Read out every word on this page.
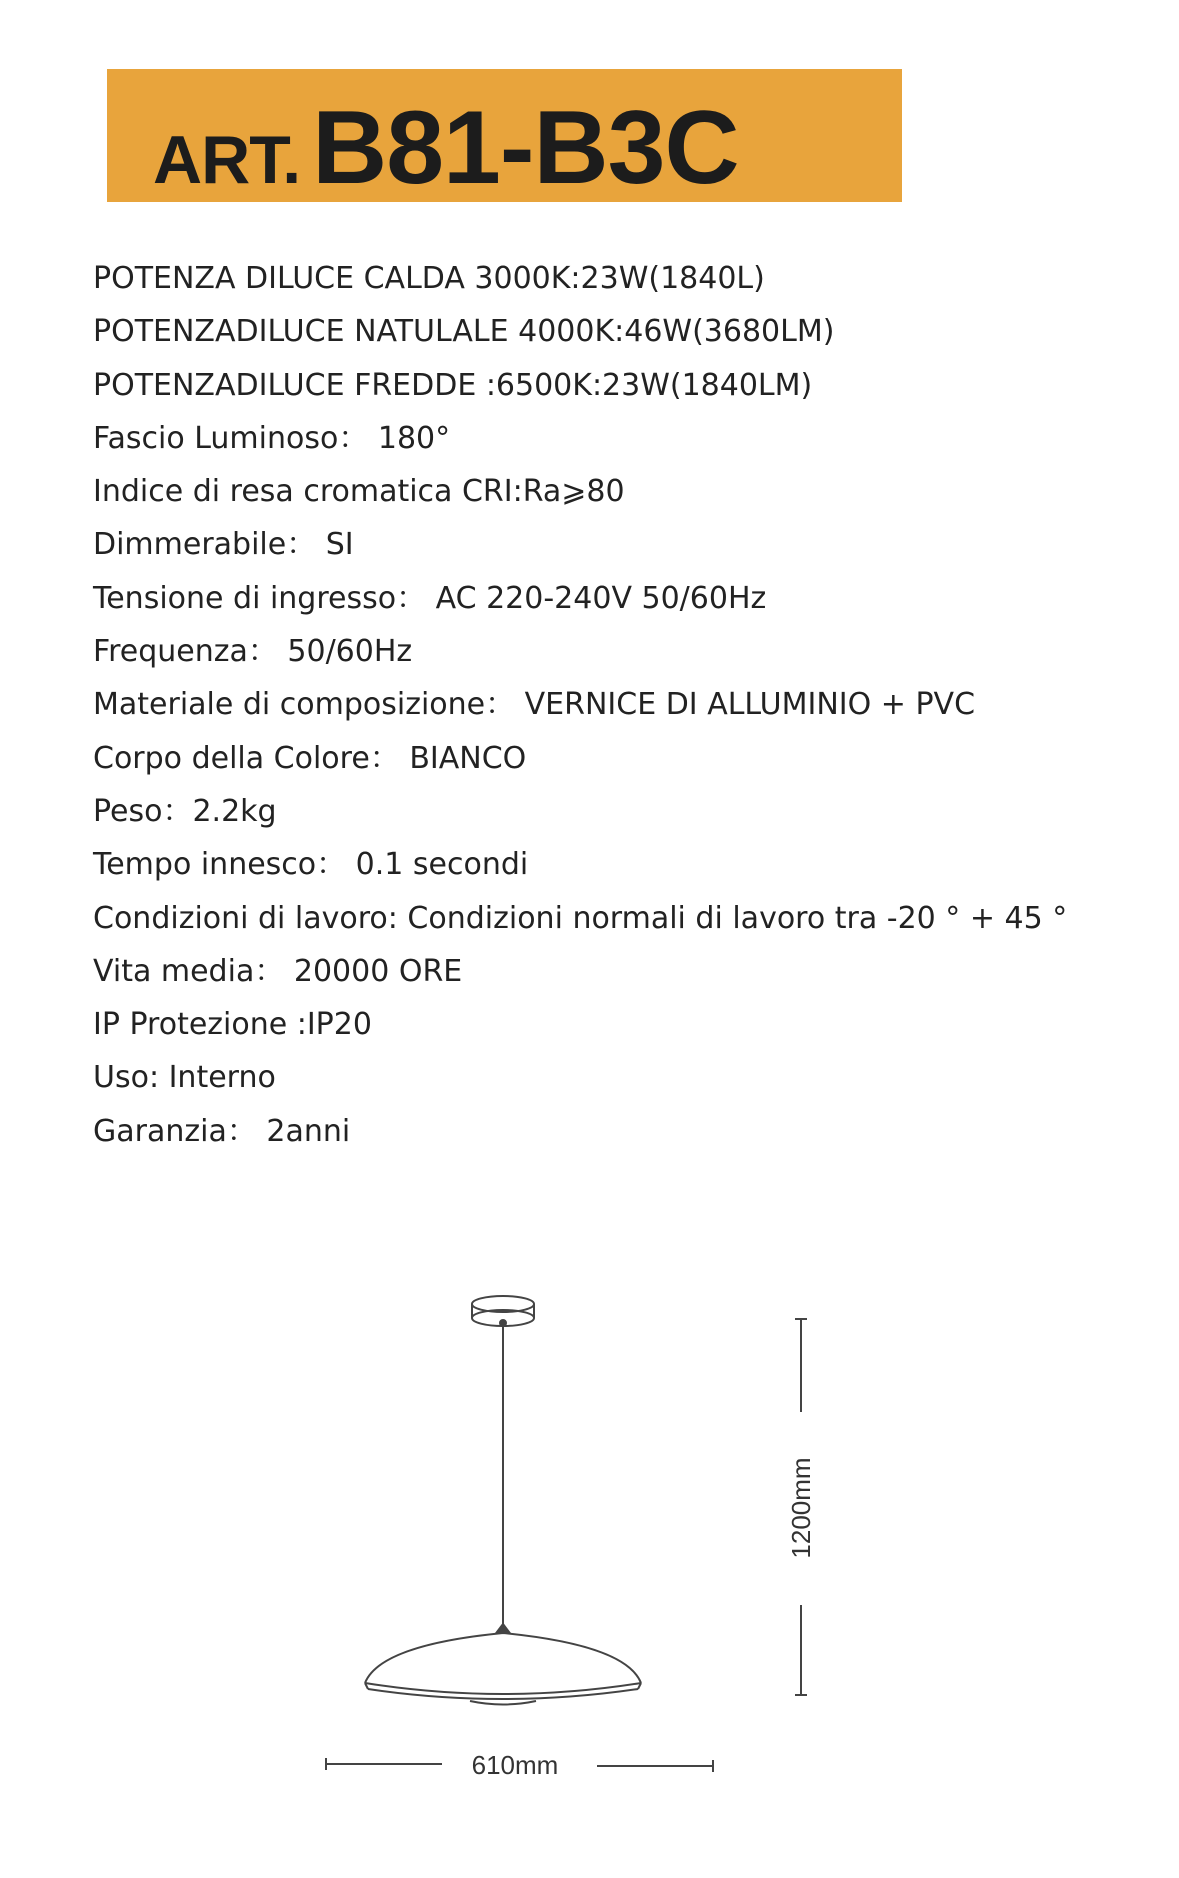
ART. B81-B3C
POTENZA DILUCE CALDA 3000K:23W(1840L)
POTENZADILUCE NATULALE 4000K:46W(3680LM)
POTENZADILUCE FREDDE :6500K:23W(1840LM)
Fascio Luminoso： 180°
Indice di resa cromatica CRI:Ra⩾80
Dimmerabile： SI
Tensione di ingresso： AC 220-240V 50/60Hz
Frequenza： 50/60Hz
Materiale di composizione： VERNICE DI ALLUMINIO + PVC
Corpo della Colore： BIANCO
Peso：2.2kg
Tempo innesco： 0.1 secondi
Condizioni di lavoro: Condizioni normali di lavoro tra -20 ° + 45 °
Vita media： 20000 ORE
IP Protezione :IP20
Uso: Interno
Garanzia： 2anni
1200mm
610mm
